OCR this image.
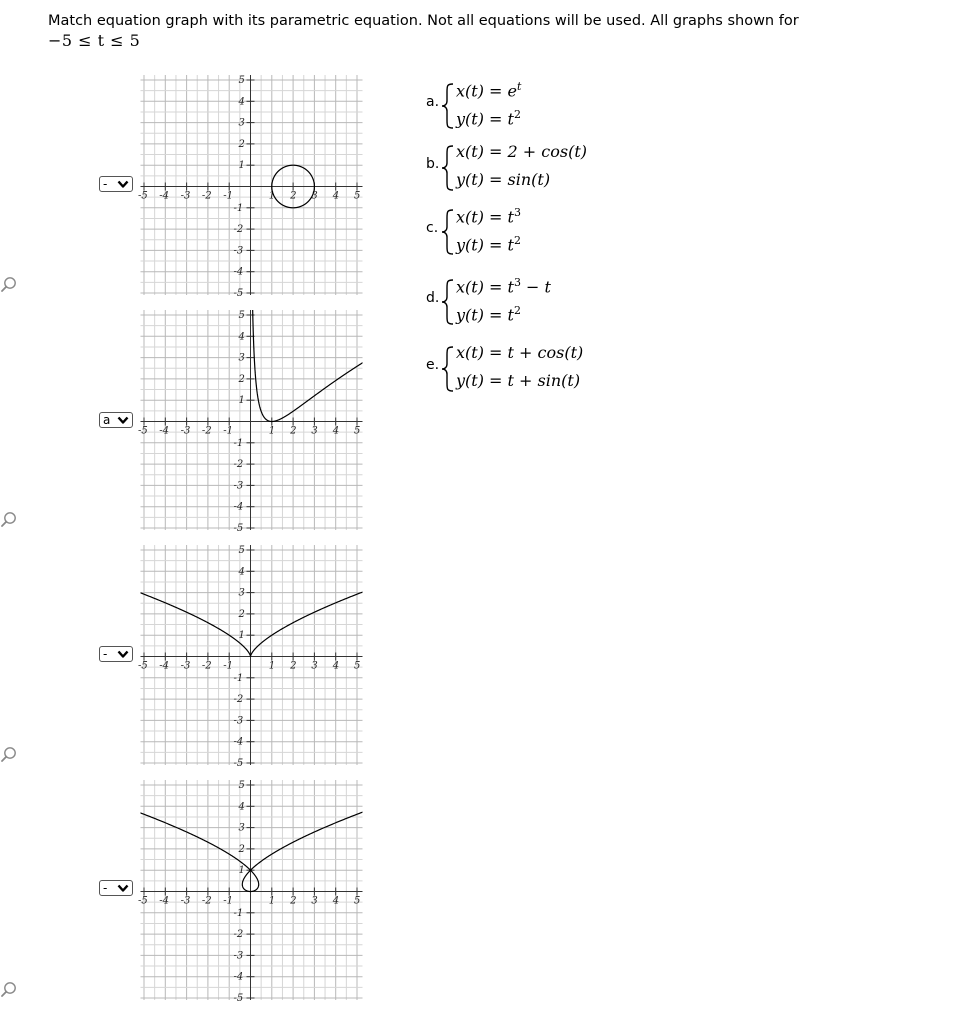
Match equation graph with its parametric equation. Not all equations will be used. All graphs shown for
−5 ≤ t ≤ 5
-
a
-
-
-5 -4 -3 -2 -1	1 2 3 4 5
5
4
3
2
1
-1
-2
-3
-4
-5
-5 -4 -3 -2 -1	1 2 3 4 5
5
4
3
2
1
-1
-2
-3
-4
-5
-5 -4 -3 -2 -1	1 2 3 4 5
5
4
3
2
1
-1
-2
-3
-4
-5
-5 -4 -3 -2 -1	1 2 3 4 5
5
4
3
2
1
-1
-2
-3
-4
-5
a.
$x(t) = e^t$
$y(t) = t^2$
b.
x(t) = 2 + cos(t)
y(t) = sin(t)
c.
$x(t) = t^3$
$y(t) = t^2$
d.
$x(t) = t^3 - t$
$y(t) = t^2$
e.
x(t) = t + cos(t)
y(t) = t + sin(t)
